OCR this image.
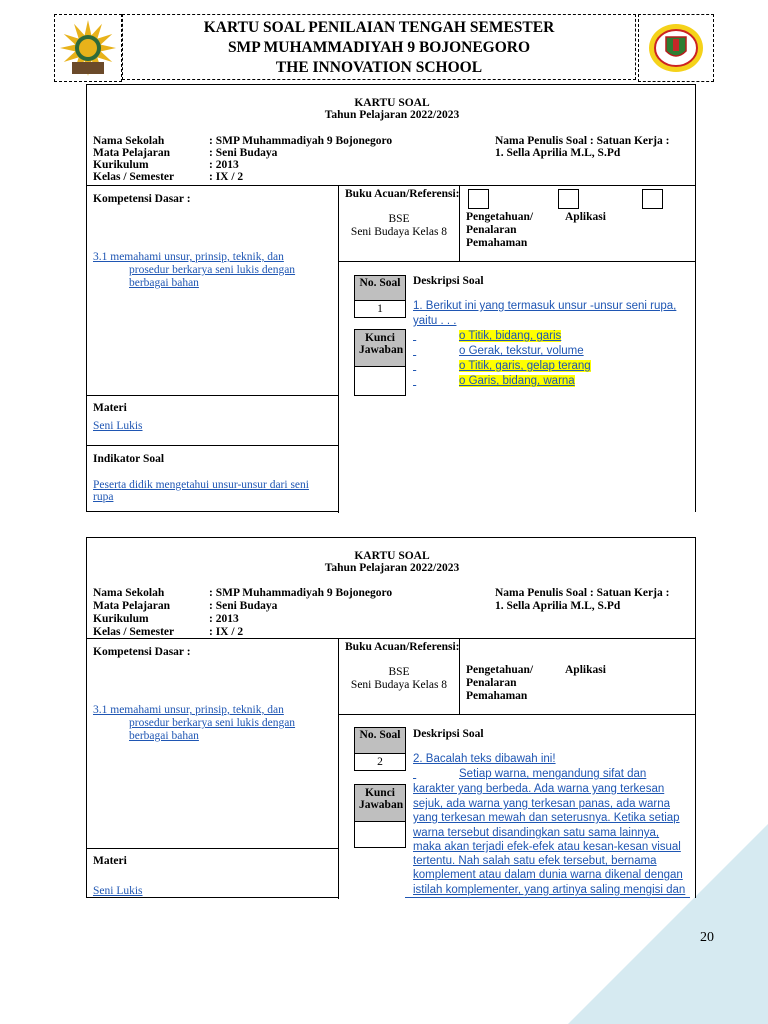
KARTU SOAL PENILAIAN TENGAH SEMESTER
SMP MUHAMMADIYAH 9 BOJONEGORO
THE INNOVATION SCHOOL
KARTU SOAL
Tahun Pelajaran 2022/2023
Nama Sekolah	: SMP Muhammadiyah 9 Bojonegoro
Mata Pelajaran	: Seni Budaya
Kurikulum	: 2013
Kelas / Semester	: IX / 2
Nama Penulis Soal : Satuan Kerja :
1. Sella Aprilia M.L, S.Pd
Kompetensi Dasar :
3.1 memahami unsur, prinsip, teknik, dan
prosedur berkarya seni lukis dengan
berbagai bahan
Buku Acuan/Referensi:
BSE
Seni Budaya Kelas 8
Pengetahuan/	Aplikasi
Penalaran
Pemahaman
No. Soal
1
Kunci Jawaban
Deskripsi Soal
1. Berikut ini yang termasuk unsur -unsur seni rupa,
yaitu . . .

o Titik, bidang, garis

o Gerak, tekstur, volume

o Titik, garis, gelap terang

o Garis, bidang, warna
Materi
Seni Lukis
Indikator Soal
Peserta didik mengetahui unsur-unsur dari seni
rupa
KARTU SOAL
Tahun Pelajaran 2022/2023
Nama Sekolah	: SMP Muhammadiyah 9 Bojonegoro
Mata Pelajaran	: Seni Budaya
Kurikulum	: 2013
Kelas / Semester	: IX / 2
Nama Penulis Soal : Satuan Kerja :
1. Sella Aprilia M.L, S.Pd
Kompetensi Dasar :
3.1 memahami unsur, prinsip, teknik, dan
prosedur berkarya seni lukis dengan
berbagai bahan
Buku Acuan/Referensi:
BSE
Seni Budaya Kelas 8
Pengetahuan/	Aplikasi
Penalaran
Pemahaman
No. Soal
2
Kunci Jawaban
Deskripsi Soal
2. Bacalah teks dibawah ini!

Setiap warna, mengandung sifat dan
karakter yang berbeda. Ada warna yang terkesan
sejuk, ada warna yang terkesan panas, ada warna
yang terkesan mewah dan seterusnya. Ketika setiap
warna tersebut disandingkan satu sama lainnya,
maka akan terjadi efek-efek atau kesan-kesan visual
tertentu. Nah salah satu efek tersebut, bernama
komplement atau dalam dunia warna dikenal dengan
istilah komplementer, yang artinya saling mengisi dan
Materi
Seni Lukis
20
